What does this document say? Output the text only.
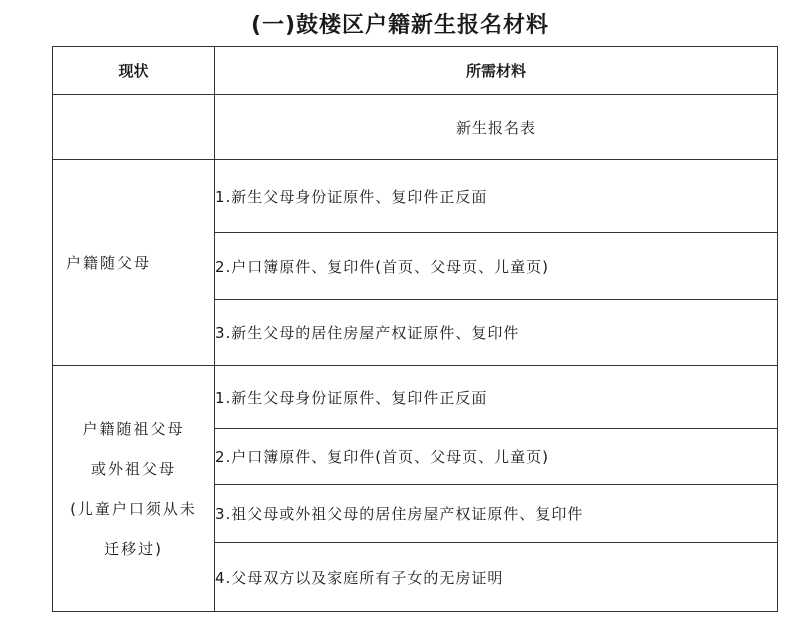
(一)鼓楼区户籍新生报名材料
现状	所需材料
	新生报名表
户籍随父母	1.新生父母身份证原件、复印件正反面
	2.户口簿原件、复印件(首页、父母页、儿童页)
	3.新生父母的居住房屋产权证原件、复印件

户籍随祖父母
或外祖父母
(儿童户口须从未
迁移过)	1.新生父母身份证原件、复印件正反面
	2.户口簿原件、复印件(首页、父母页、儿童页)
	3.祖父母或外祖父母的居住房屋产权证原件、复印件
	4.父母双方以及家庭所有子女的无房证明
